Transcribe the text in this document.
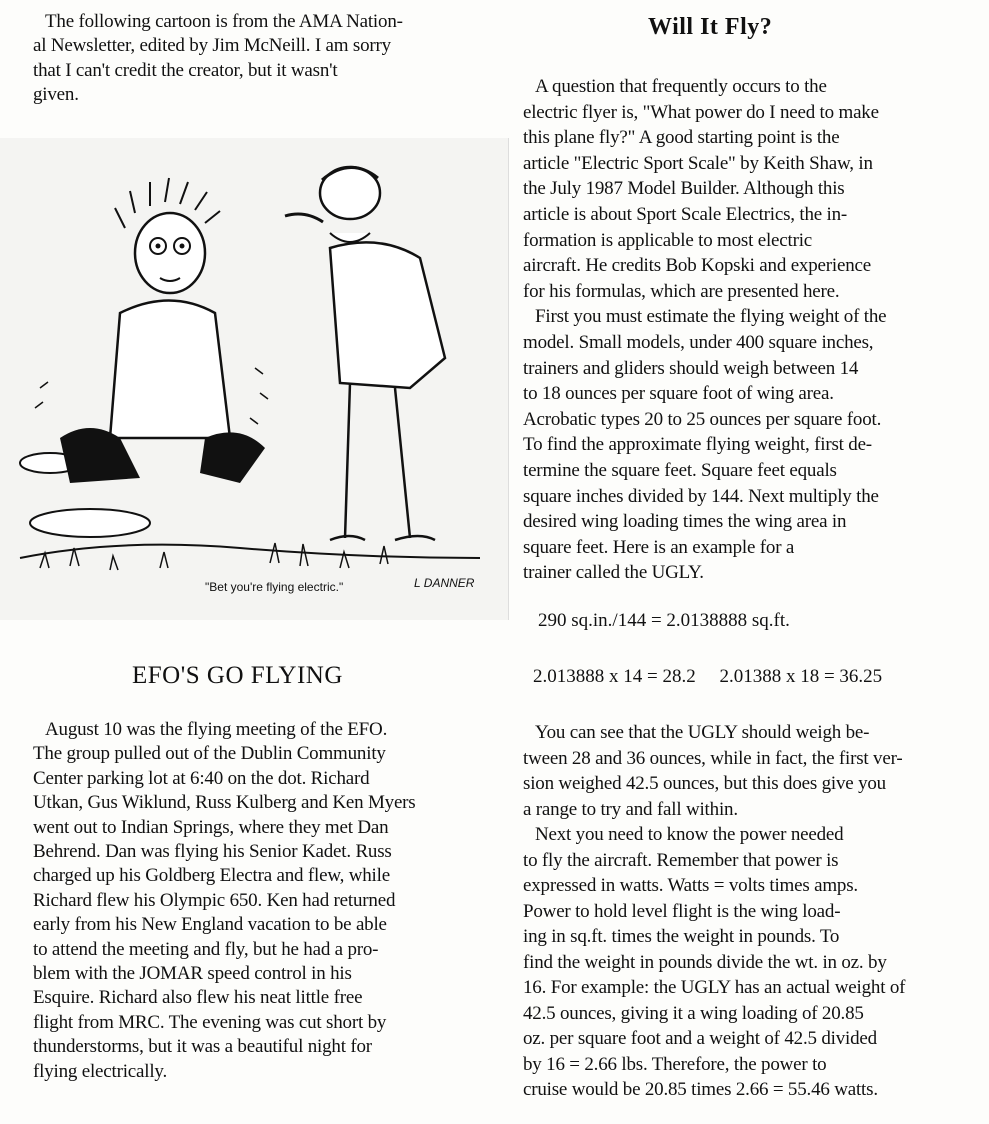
The following cartoon is from the AMA Nation-
al Newsletter, edited by Jim McNeill. I am sorry
that I can't credit the creator, but it wasn't
given.
"Bet you're flying electric."	L DANNER
EFO'S GO FLYING
August 10 was the flying meeting of the EFO.
The group pulled out of the Dublin Community
Center parking lot at 6:40 on the dot. Richard
Utkan, Gus Wiklund, Russ Kulberg and Ken Myers
went out to Indian Springs, where they met Dan
Behrend. Dan was flying his Senior Kadet. Russ
charged up his Goldberg Electra and flew, while
Richard flew his Olympic 650. Ken had returned
early from his New England vacation to be able
to attend the meeting and fly, but he had a pro-
blem with the JOMAR speed control in his
Esquire. Richard also flew his neat little free
flight from MRC. The evening was cut short by
thunderstorms, but it was a beautiful night for
flying electrically.
Will It Fly?
A question that frequently occurs to the
electric flyer is, "What power do I need to make
this plane fly?" A good starting point is the
article "Electric Sport Scale" by Keith Shaw, in
the July 1987 Model Builder. Although this
article is about Sport Scale Electrics, the in-
formation is applicable to most electric
aircraft. He credits Bob Kopski and experience
for his formulas, which are presented here.
First you must estimate the flying weight of the
model. Small models, under 400 square inches,
trainers and gliders should weigh between 14
to 18 ounces per square foot of wing area.
Acrobatic types 20 to 25 ounces per square foot.
To find the approximate flying weight, first de-
termine the square feet. Square feet equals
square inches divided by 144. Next multiply the
desired wing loading times the wing area in
square feet. Here is an example for a
trainer called the UGLY.
290 sq.in./144 = 2.0138888 sq.ft.
2.013888 x 14 = 28.2     2.01388 x 18 = 36.25
You can see that the UGLY should weigh be-
tween 28 and 36 ounces, while in fact, the first ver-
sion weighed 42.5 ounces, but this does give you
a range to try and fall within.
Next you need to know the power needed
to fly the aircraft. Remember that power is
expressed in watts. Watts = volts times amps.
Power to hold level flight is the wing load-
ing in sq.ft. times the weight in pounds. To
find the weight in pounds divide the wt. in oz. by
16. For example: the UGLY has an actual weight of
42.5 ounces, giving it a wing loading of 20.85
oz. per square foot and a weight of 42.5 divided
by 16 = 2.66 lbs. Therefore, the power to
cruise would be 20.85 times 2.66 = 55.46 watts.
